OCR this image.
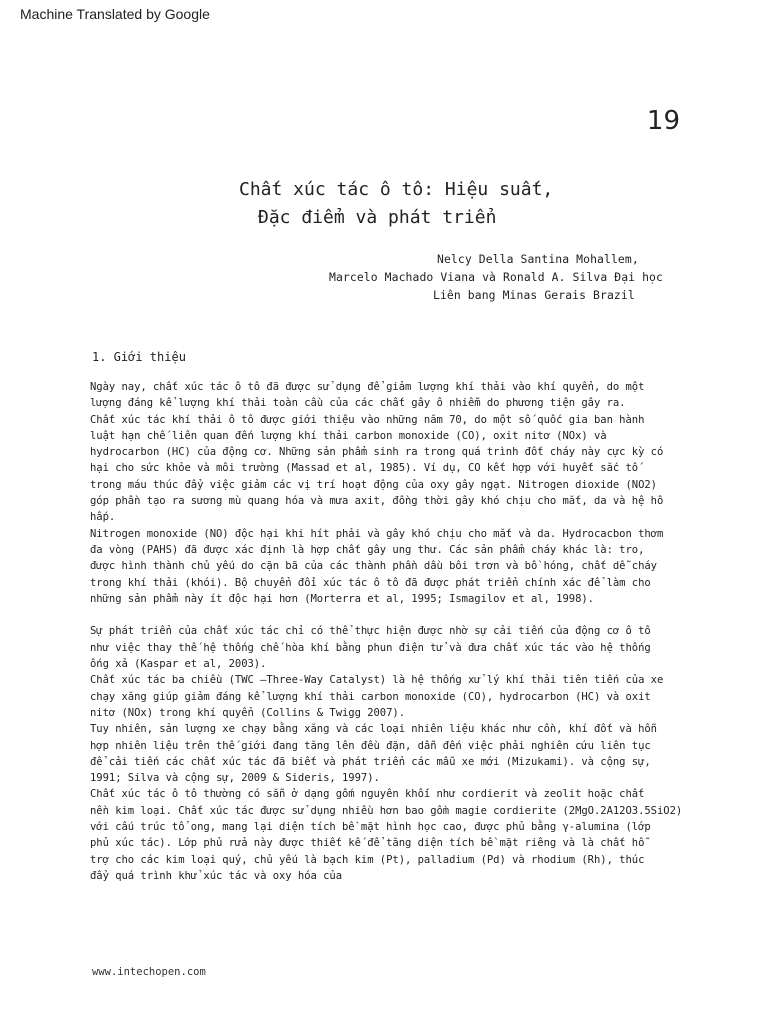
Machine Translated by Google
19
Chất xúc tác ô tô: Hiệu suất,
Đặc điểm và phát triển
Nelcy Della Santina Mohallem,
Marcelo Machado Viana và Ronald A. Silva Đại học
Liên bang Minas Gerais Brazil
1. Giới thiệu
Ngày nay, chất xúc tác ô tô đã được sử dụng để giảm lượng khí thải vào khí quyển, do một
lượng đáng kể lượng khí thải toàn cầu của các chất gây ô nhiễm do phương tiện gây ra.
Chất xúc tác khí thải ô tô được giới thiệu vào những năm 70, do một số quốc gia ban hành
luật hạn chế liên quan đến lượng khí thải carbon monoxide (CO), oxit nitơ (NOx) và
hydrocarbon (HC) của động cơ. Những sản phẩm sinh ra trong quá trình đốt cháy này cực kỳ có
hại cho sức khỏe và môi trường (Massad et al, 1985). Ví dụ, CO kết hợp với huyết sắc tố
trong máu thúc đẩy việc giảm các vị trí hoạt động của oxy gây ngạt. Nitrogen dioxide (NO2)
góp phần tạo ra sương mù quang hóa và mưa axit, đồng thời gây khó chịu cho mắt, da và hệ hô
hấp.
Nitrogen monoxide (NO) độc hại khi hít phải và gây khó chịu cho mắt và da. Hydrocacbon thơm
đa vòng (PAHS) đã được xác định là hợp chất gây ung thư. Các sản phẩm cháy khác là: tro,
được hình thành chủ yếu do cặn bã của các thành phần dầu bôi trơn và bồ hóng, chất dễ cháy
trong khí thải (khói). Bộ chuyển đổi xúc tác ô tô đã được phát triển chính xác để làm cho
những sản phẩm này ít độc hại hơn (Morterra et al, 1995; Ismagilov et al, 1998).
Sự phát triển của chất xúc tác chỉ có thể thực hiện được nhờ sự cải tiến của động cơ ô tô
như việc thay thế hệ thống chế hòa khí bằng phun điện tử và đưa chất xúc tác vào hệ thống
ống xả (Kaspar et al, 2003).
Chất xúc tác ba chiều (TWC –Three-Way Catalyst) là hệ thống xử lý khí thải tiên tiến của xe
chạy xăng giúp giảm đáng kể lượng khí thải carbon monoxide (CO), hydrocarbon (HC) và oxit
nitơ (NOx) trong khí quyển (Collins & Twigg 2007).
Tuy nhiên, sản lượng xe chạy bằng xăng và các loại nhiên liệu khác như cồn, khí đốt và hỗn
hợp nhiên liệu trên thế giới đang tăng lên đều đặn, dẫn đến việc phải nghiên cứu liên tục
để cải tiến các chất xúc tác đã biết và phát triển các mẫu xe mới (Mizukami). và cộng sự,
1991; Silva và cộng sự, 2009 & Sideris, 1997).
Chất xúc tác ô tô thường có sẵn ở dạng gốm nguyên khối như cordierit và zeolit hoặc chất
nền kim loại. Chất xúc tác được sử dụng nhiều hơn bao gồm magie cordierite (2MgO.2A12O3.5SiO2)
với cấu trúc tổ ong, mang lại diện tích bề mặt hình học cao, được phủ bằng γ-alumina (lớp
phủ xúc tác). Lớp phủ rửa này được thiết kế để tăng diện tích bề mặt riêng và là chất hỗ
trợ cho các kim loại quý, chủ yếu là bạch kim (Pt), palladium (Pd) và rhodium (Rh), thúc
đẩy quá trình khử xúc tác và oxy hóa của
www.intechopen.com
